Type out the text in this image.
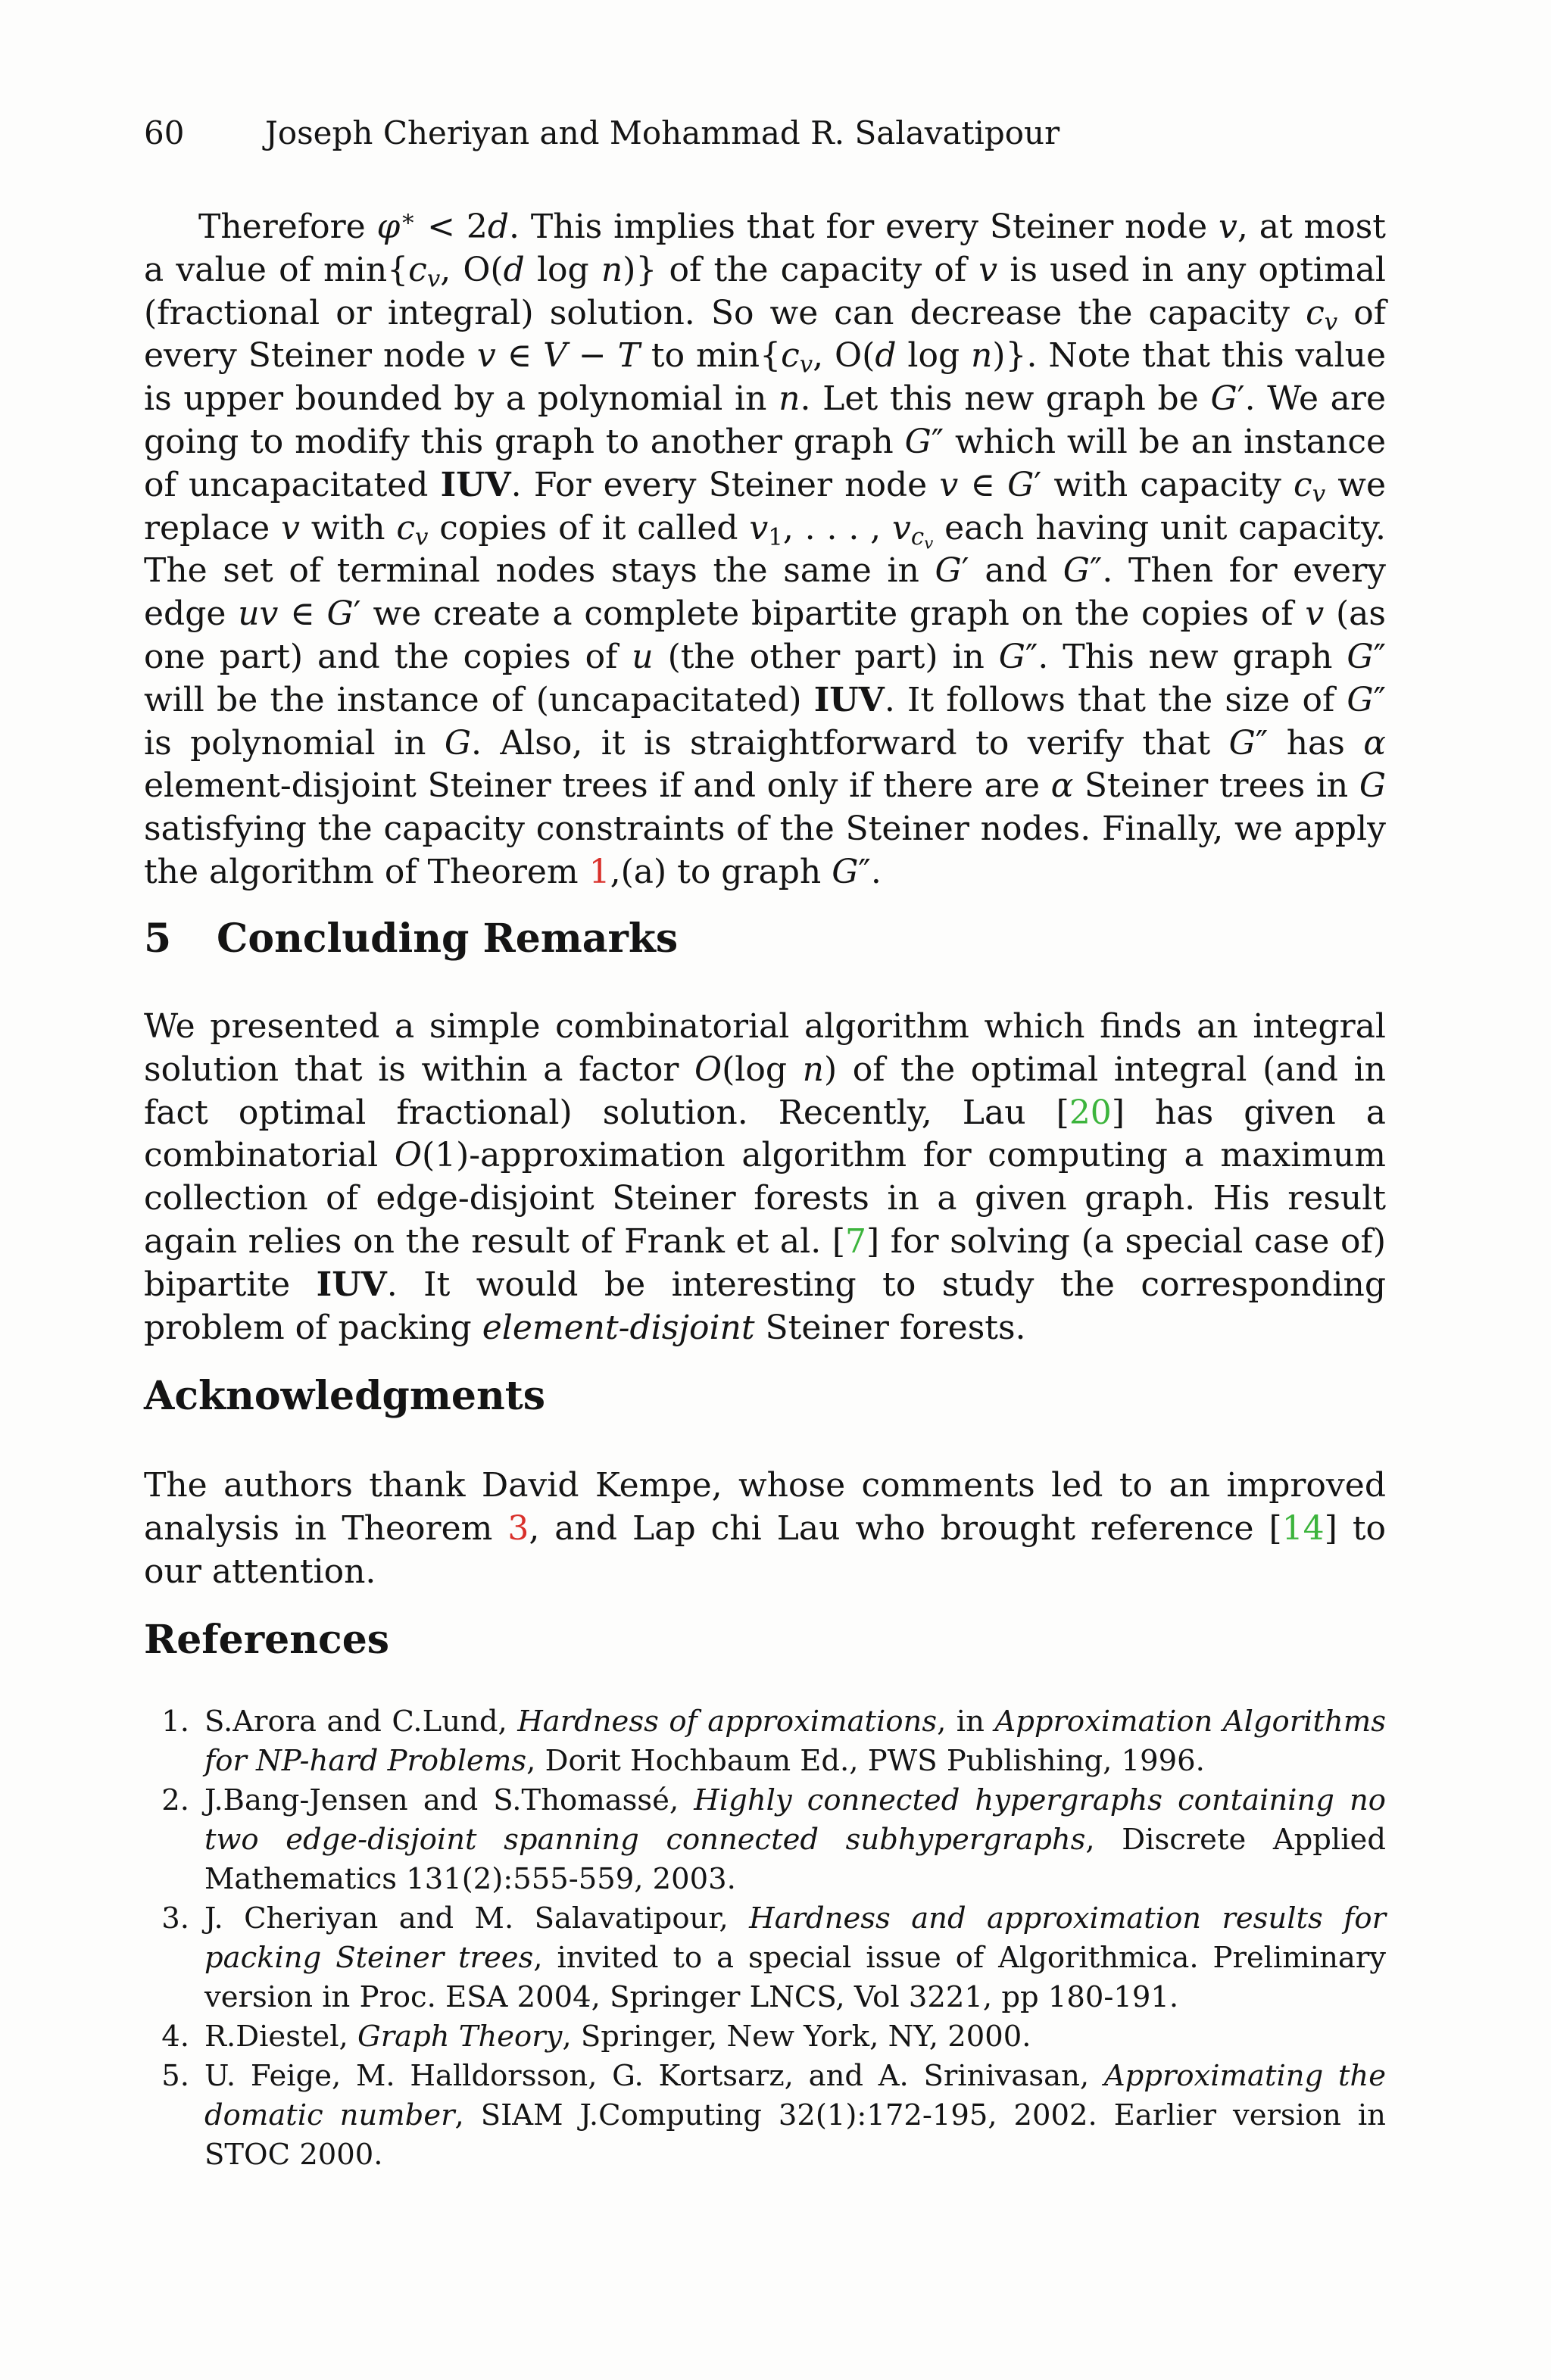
60	Joseph Cheriyan and Mohammad R. Salavatipour

Therefore φ∗ < 2d. This implies that for every Steiner node v, at most a value of $\min\{c_v$, O(d log n)} of the capacity of v is used in any optimal (fractional or integral) solution. So we can decrease the capacity $c_v$ of every Steiner node v ∈ V − T to $\min\{c_v$, O(d log n)}. Note that this value is upper bounded by a polynomial in n. Let this new graph be G′. We are going to modify this graph to another graph G″ which will be an instance of uncapacitated IUV. For every Steiner node v ∈ G′ with capacity $c_v$ we replace v with $c_v$ copies of it called $v_1$, . . . , $v_{c_v}$ each having unit capacity. The set of terminal nodes stays the same in G′ and G″. Then for every edge uv ∈ G′ we create a complete bipartite graph on the copies of v (as one part) and the copies of u (the other part) in G″. This new graph G″ will be the instance of (uncapacitated) IUV. It follows that the size of G″ is polynomial in G. Also, it is straightforward to verify that G″ has α element-disjoint Steiner trees if and only if there are α Steiner trees in G satisfying the capacity constraints of the Steiner nodes. Finally, we apply the algorithm of Theorem 1,(a) to graph G″.

5 Concluding Remarks

We presented a simple combinatorial algorithm which finds an integral solution that is within a factor O(log n) of the optimal integral (and in fact optimal fractional) solution. Recently, Lau [20] has given a combinatorial O(1)-approximation algorithm for computing a maximum collection of edge-disjoint Steiner forests in a given graph. His result again relies on the result of Frank et al. [7] for solving (a special case of) bipartite IUV. It would be interesting to study the corresponding problem of packing element-disjoint Steiner forests.

Acknowledgments

The authors thank David Kempe, whose comments led to an improved analysis in Theorem 3, and Lap chi Lau who brought reference [14] to our attention.

References
1. S.Arora and C.Lund, Hardness of approximations, in Approximation Algorithms for NP-hard Problems, Dorit Hochbaum Ed., PWS Publishing, 1996.
2. J.Bang-Jensen and S.Thomassé, Highly connected hypergraphs containing no two edge-disjoint spanning connected subhypergraphs, Discrete Applied Mathematics 131(2):555-559, 2003.
3. J. Cheriyan and M. Salavatipour, Hardness and approximation results for packing Steiner trees, invited to a special issue of Algorithmica. Preliminary version in Proc. ESA 2004, Springer LNCS, Vol 3221, pp 180-191.
4. R.Diestel, Graph Theory, Springer, New York, NY, 2000.
5. U. Feige, M. Halldorsson, G. Kortsarz, and A. Srinivasan, Approximating the domatic number, SIAM J.Computing 32(1):172-195, 2002. Earlier version in STOC 2000.
